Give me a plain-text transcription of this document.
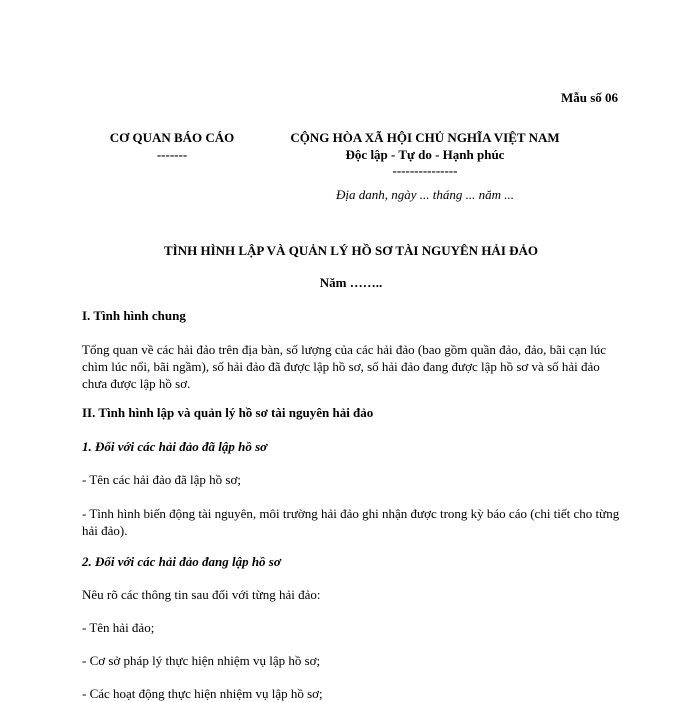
Mẫu số 06
CƠ QUAN BÁO CÁO
-------
CỘNG HÒA XÃ HỘI CHỦ NGHĨA VIỆT NAM
Độc lập - Tự do - Hạnh phúc
---------------
Địa danh, ngày ... tháng ... năm ...
TÌNH HÌNH LẬP VÀ QUẢN LÝ HỒ SƠ TÀI NGUYÊN HẢI ĐẢO
Năm ……..
I. Tình hình chung
Tổng quan về các hải đảo trên địa bàn, số lượng của các hải đảo (bao gồm quần đảo, đảo, bãi cạn lúc chìm lúc nổi, bãi ngầm), số hải đảo đã được lập hồ sơ, số hải đảo đang được lập hồ sơ và số hải đảo chưa được lập hồ sơ.
II. Tình hình lập và quản lý hồ sơ tài nguyên hải đảo
1. Đối với các hải đảo đã lập hồ sơ
- Tên các hải đảo đã lập hồ sơ;
- Tình hình biến động tài nguyên, môi trường hải đảo ghi nhận được trong kỳ báo cáo (chi tiết cho từng hải đảo).
2. Đối với các hải đảo đang lập hồ sơ
Nêu rõ các thông tin sau đối với từng hải đảo:
- Tên hải đảo;
- Cơ sở pháp lý thực hiện nhiệm vụ lập hồ sơ;
- Các hoạt động thực hiện nhiệm vụ lập hồ sơ;
